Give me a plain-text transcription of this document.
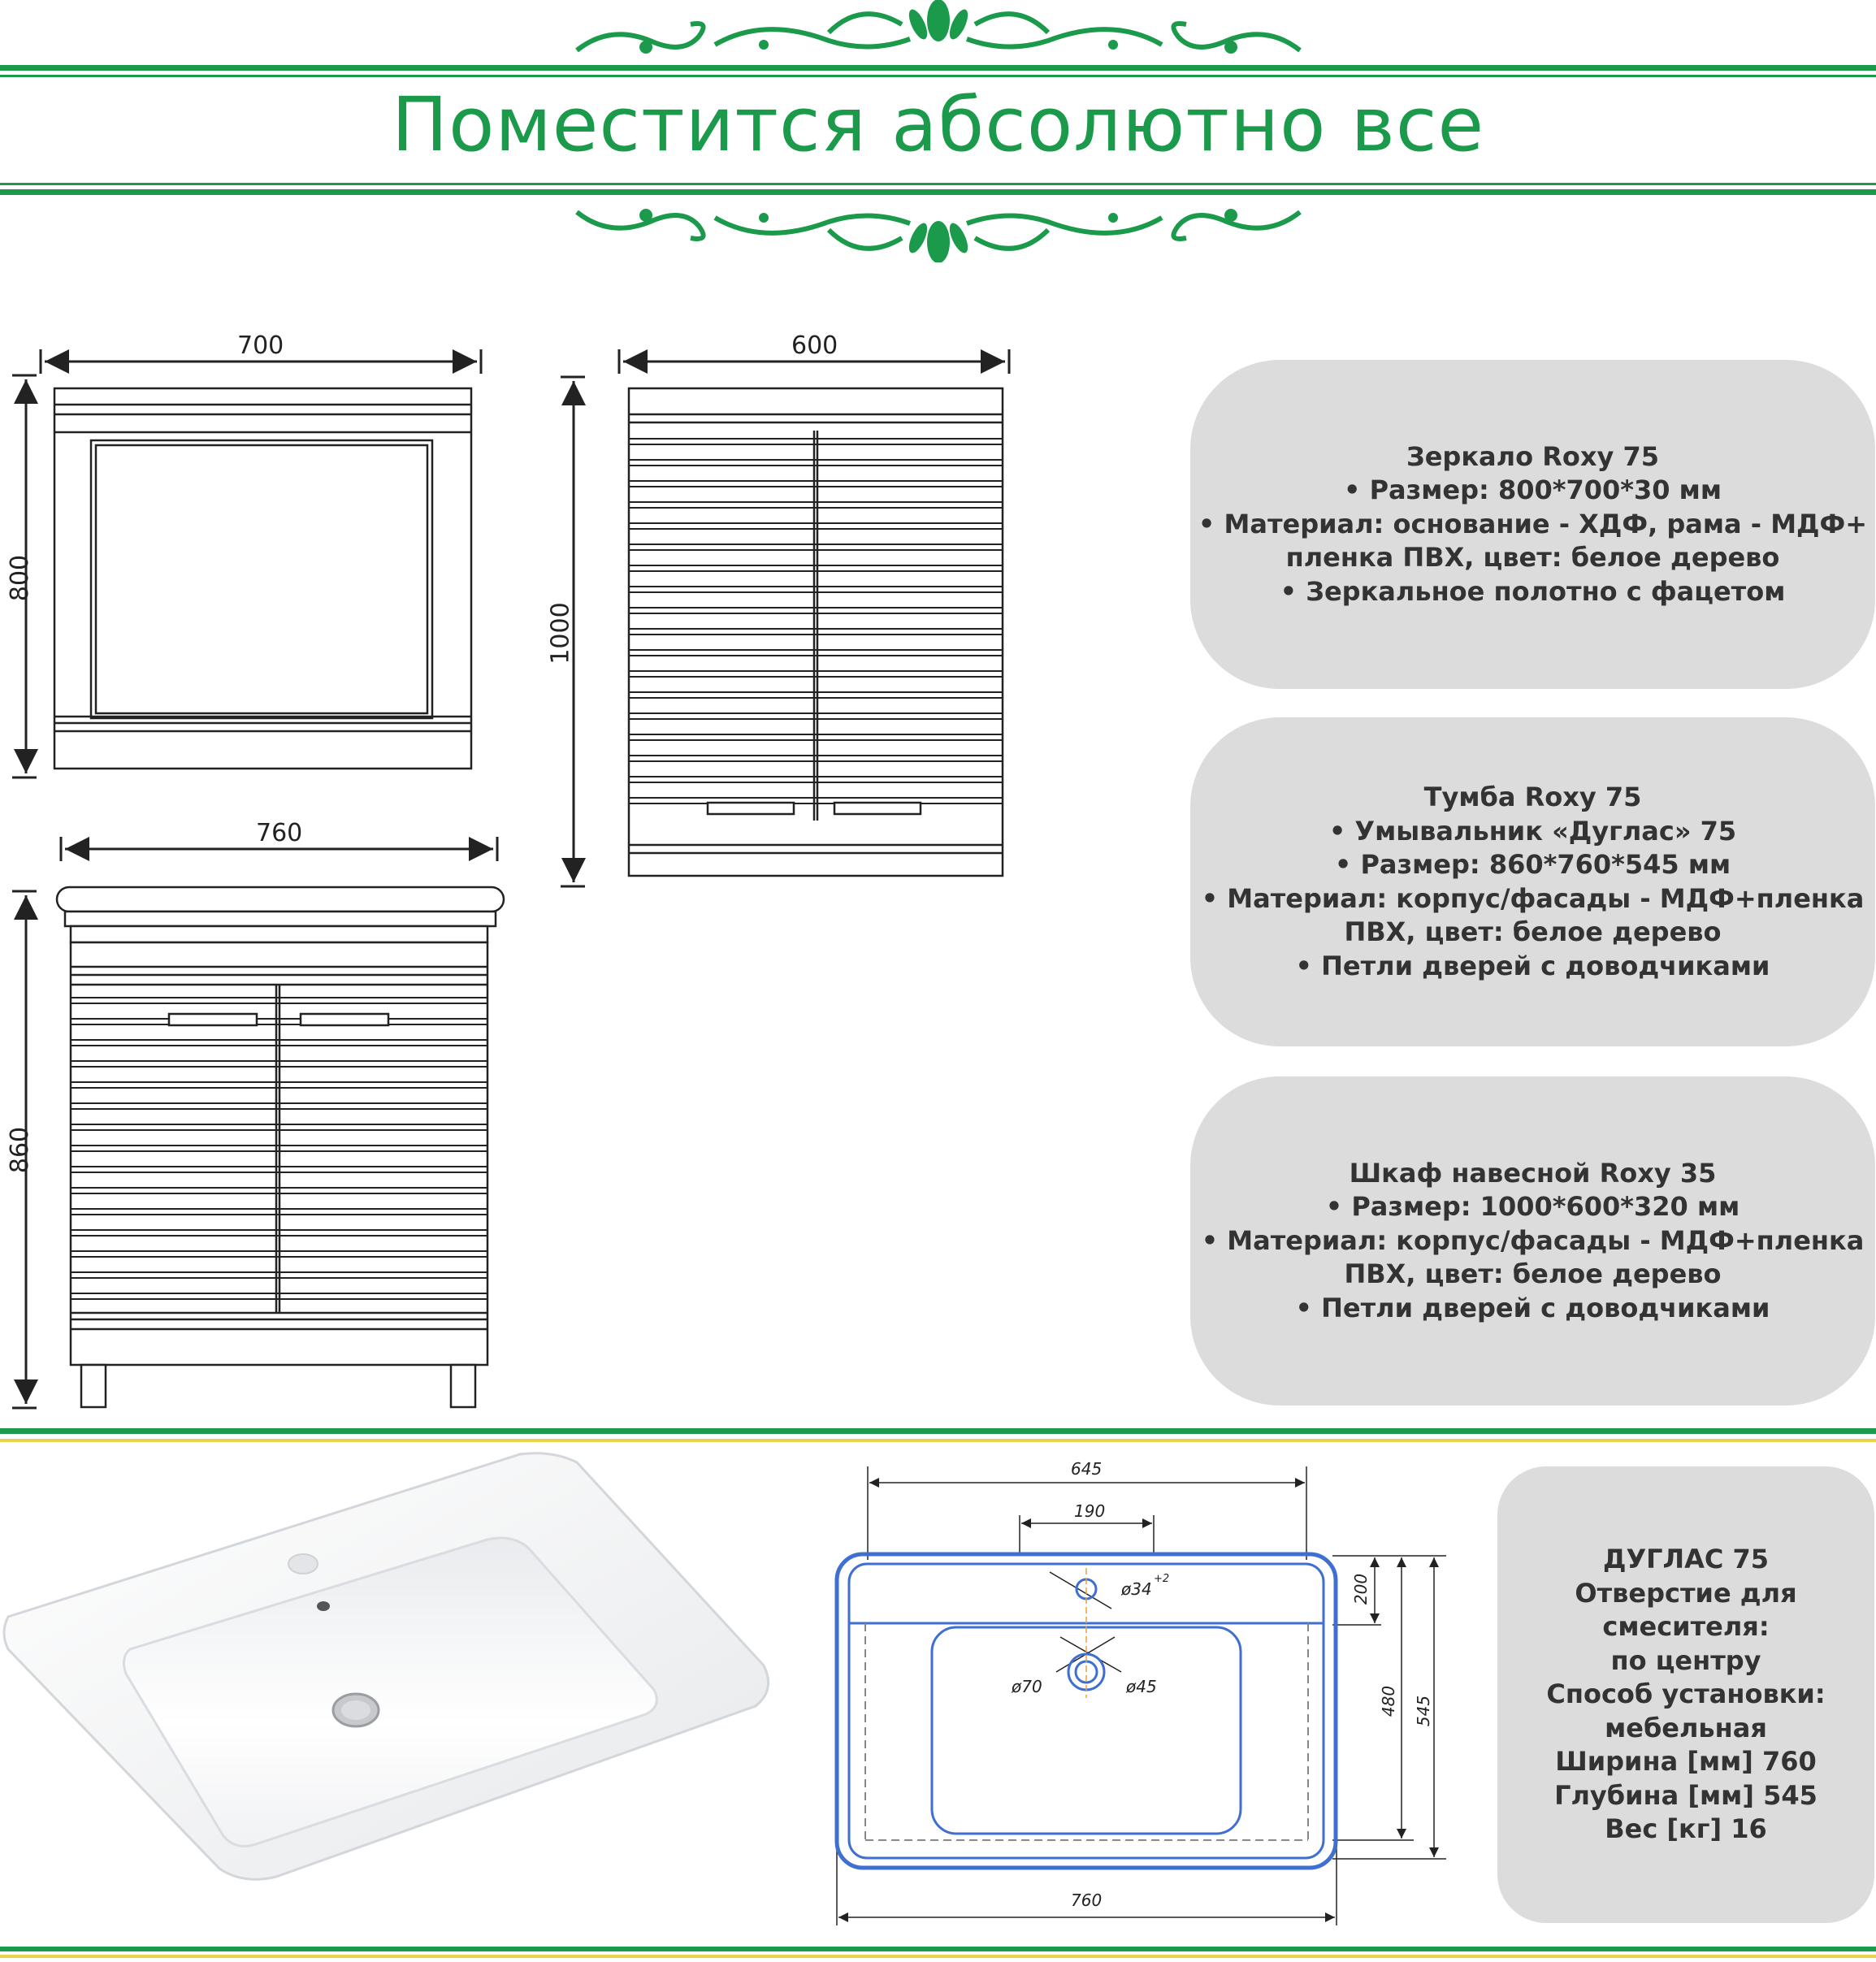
Поместится абсолютно все
700
800
600
1000
760
860
Зеркало Roxy 75
• Размер: 800*700*30 мм
• Материал: основание - ХДФ, рама - МДФ+
пленка ПВХ, цвет: белое дерево
• Зеркальное полотно с фацетом
Тумба Roxy 75
• Умывальник «Дуглас» 75
• Размер: 860*760*545 мм
• Материал: корпус/фасады - МДФ+пленка
ПВХ, цвет: белое дерево
• Петли дверей с доводчиками
Шкаф навесной Roxy 35
• Размер: 1000*600*320 мм
• Материал: корпус/фасады - МДФ+пленка
ПВХ, цвет: белое дерево
• Петли дверей с доводчиками
645
190
ø34
+2
ø70	ø45
200
480 545
760
ДУГЛАС 75
Отверстие для
смесителя:
по центру
Способ установки:
мебельная
Ширина [мм] 760
Глубина [мм] 545
Вес [кг] 16
